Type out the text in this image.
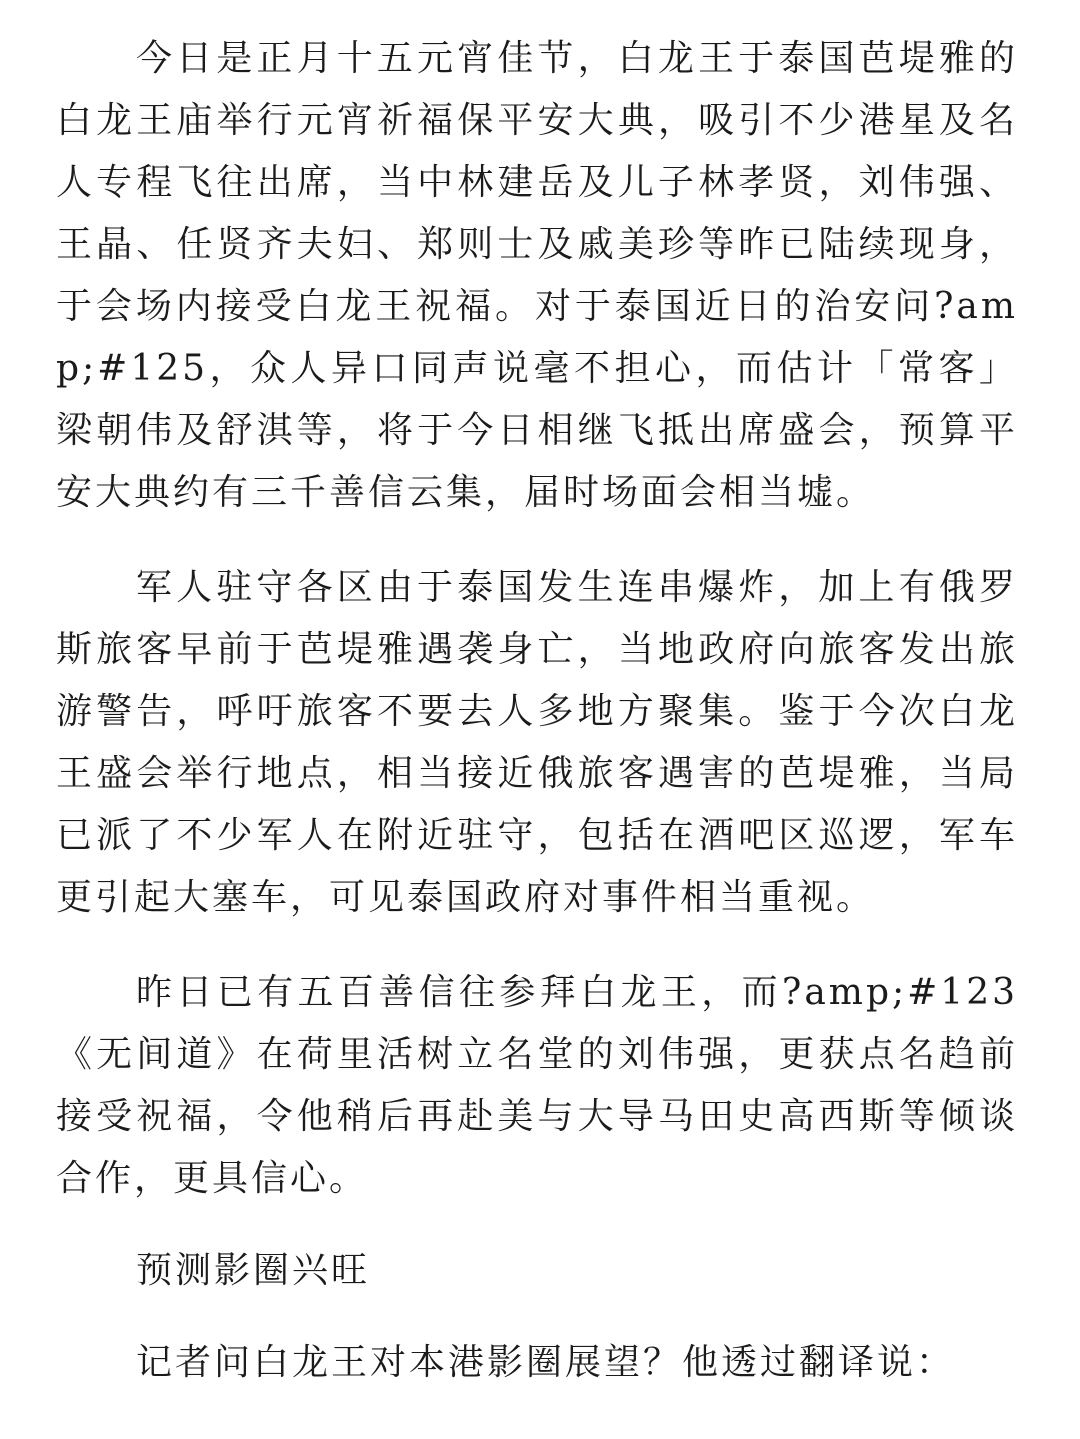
今日是正月十五元宵佳节，白龙王于泰国芭堤雅的白龙王庙举行元宵祈福保平安大典，吸引不少港星及名人专程飞往出席，当中林建岳及儿子林孝贤，刘伟强、王晶、任贤齐夫妇、郑则士及戚美珍等昨已陆续现身，于会场内接受白龙王祝福。对于泰国近日的治安问?amp;#125，众人异口同声说毫不担心，而估计「常客」梁朝伟及舒淇等，将于今日相继飞抵出席盛会，预算平安大典约有三千善信云集，届时场面会相当墟。

军人驻守各区由于泰国发生连串爆炸，加上有俄罗斯旅客早前于芭堤雅遇袭身亡，当地政府向旅客发出旅游警告，呼吁旅客不要去人多地方聚集。鉴于今次白龙王盛会举行地点，相当接近俄旅客遇害的芭堤雅，当局已派了不少军人在附近驻守，包括在酒吧区巡逻，军车更引起大塞车，可见泰国政府对事件相当重视。

昨日已有五百善信往参拜白龙王，而?amp;#123《无间道》在荷里活树立名堂的刘伟强，更获点名趋前接受祝福，令他稍后再赴美与大导马田史高西斯等倾谈合作，更具信心。

预测影圈兴旺

记者问白龙王对本港影圈展望？他透过翻译说：
